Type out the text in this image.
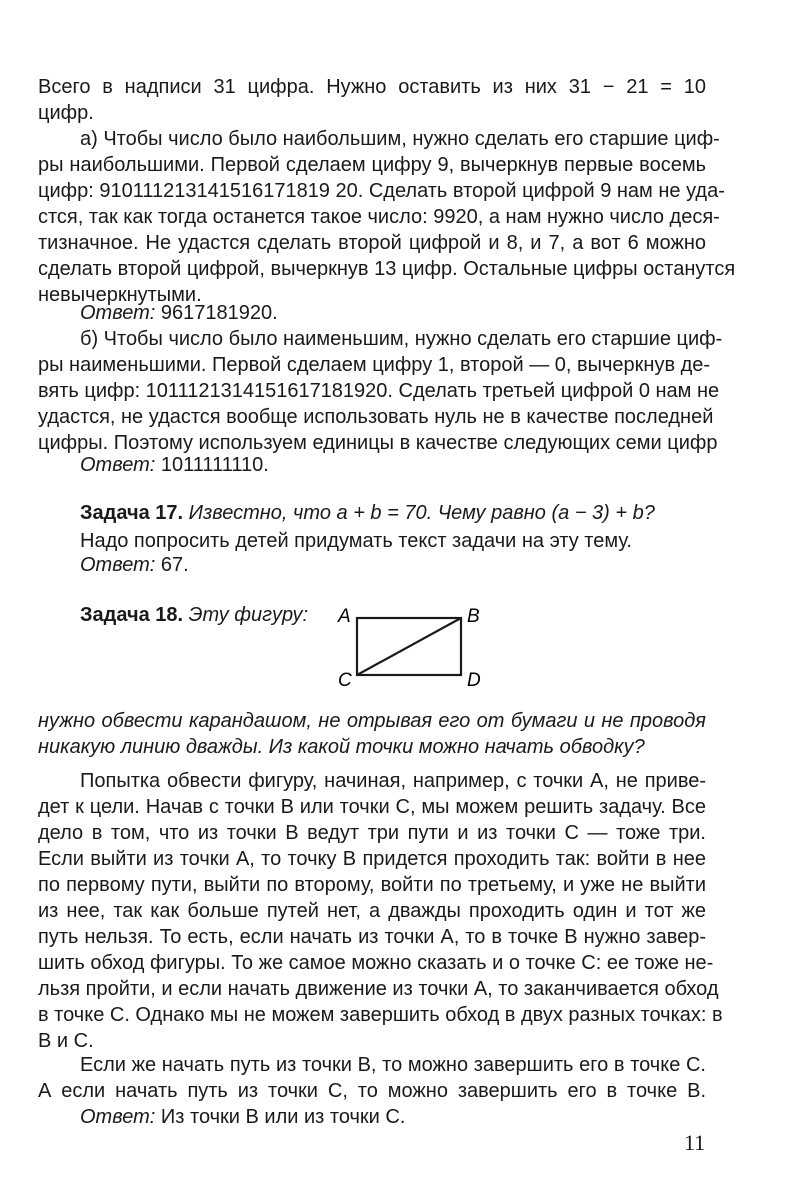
Всего в надписи 31 цифра. Нужно оставить из них 31 − 21 = 10
цифр.
а) Чтобы число было наибольшим, нужно сделать его старшие циф-
ры наибольшими. Первой сделаем цифру 9, вычеркнув первые восемь
цифр: 910111213141516171819 20. Сделать второй цифрой 9 нам не уда-
стся, так как тогда останется такое число: 9920, а нам нужно число деся-
тизначное. Не удастся сделать второй цифрой и 8, и 7, а вот 6 можно
сделать второй цифрой, вычеркнув 13 цифр. Остальные цифры останутся
невычеркнутыми.
Ответ: 9617181920.
б) Чтобы число было наименьшим, нужно сделать его старшие циф-
ры наименьшими. Первой сделаем цифру 1, второй — 0, вычеркнув де-
вять цифр: 1011121314151617181920. Сделать третьей цифрой 0 нам не
удастся, не удастся вообще использовать нуль не в качестве последней
цифры. Поэтому используем единицы в качестве следующих семи цифр
Ответ: 1011111110.
Задача 17. Известно, что a + b = 70. Чему равно (a − 3) + b?
Надо попросить детей придумать текст задачи на эту тему.
Ответ: 67.
Задача 18. Эту фигуру:	A	B
C	D
нужно обвести карандашом, не отрывая его от бумаги и не проводя
никакую линию дважды. Из какой точки можно начать обводку?
Попытка обвести фигуру, начиная, например, с точки A, не приве-
дет к цели. Начав с точки B или точки C, мы можем решить задачу. Все
дело в том, что из точки B ведут три пути и из точки C — тоже три.
Если выйти из точки A, то точку B придется проходить так: войти в нее
по первому пути, выйти по второму, войти по третьему, и уже не выйти
из нее, так как больше путей нет, а дважды проходить один и тот же
путь нельзя. То есть, если начать из точки A, то в точке B нужно завер-
шить обход фигуры. То же самое можно сказать и о точке C: ее тоже не-
льзя пройти, и если начать движение из точки A, то заканчивается обход
в точке C. Однако мы не можем завершить обход в двух разных точках: в
B и C.
Если же начать путь из точки B, то можно завершить его в точке C.
А если начать путь из точки C, то можно завершить его в точке B.
Ответ: Из точки B или из точки C.
11
